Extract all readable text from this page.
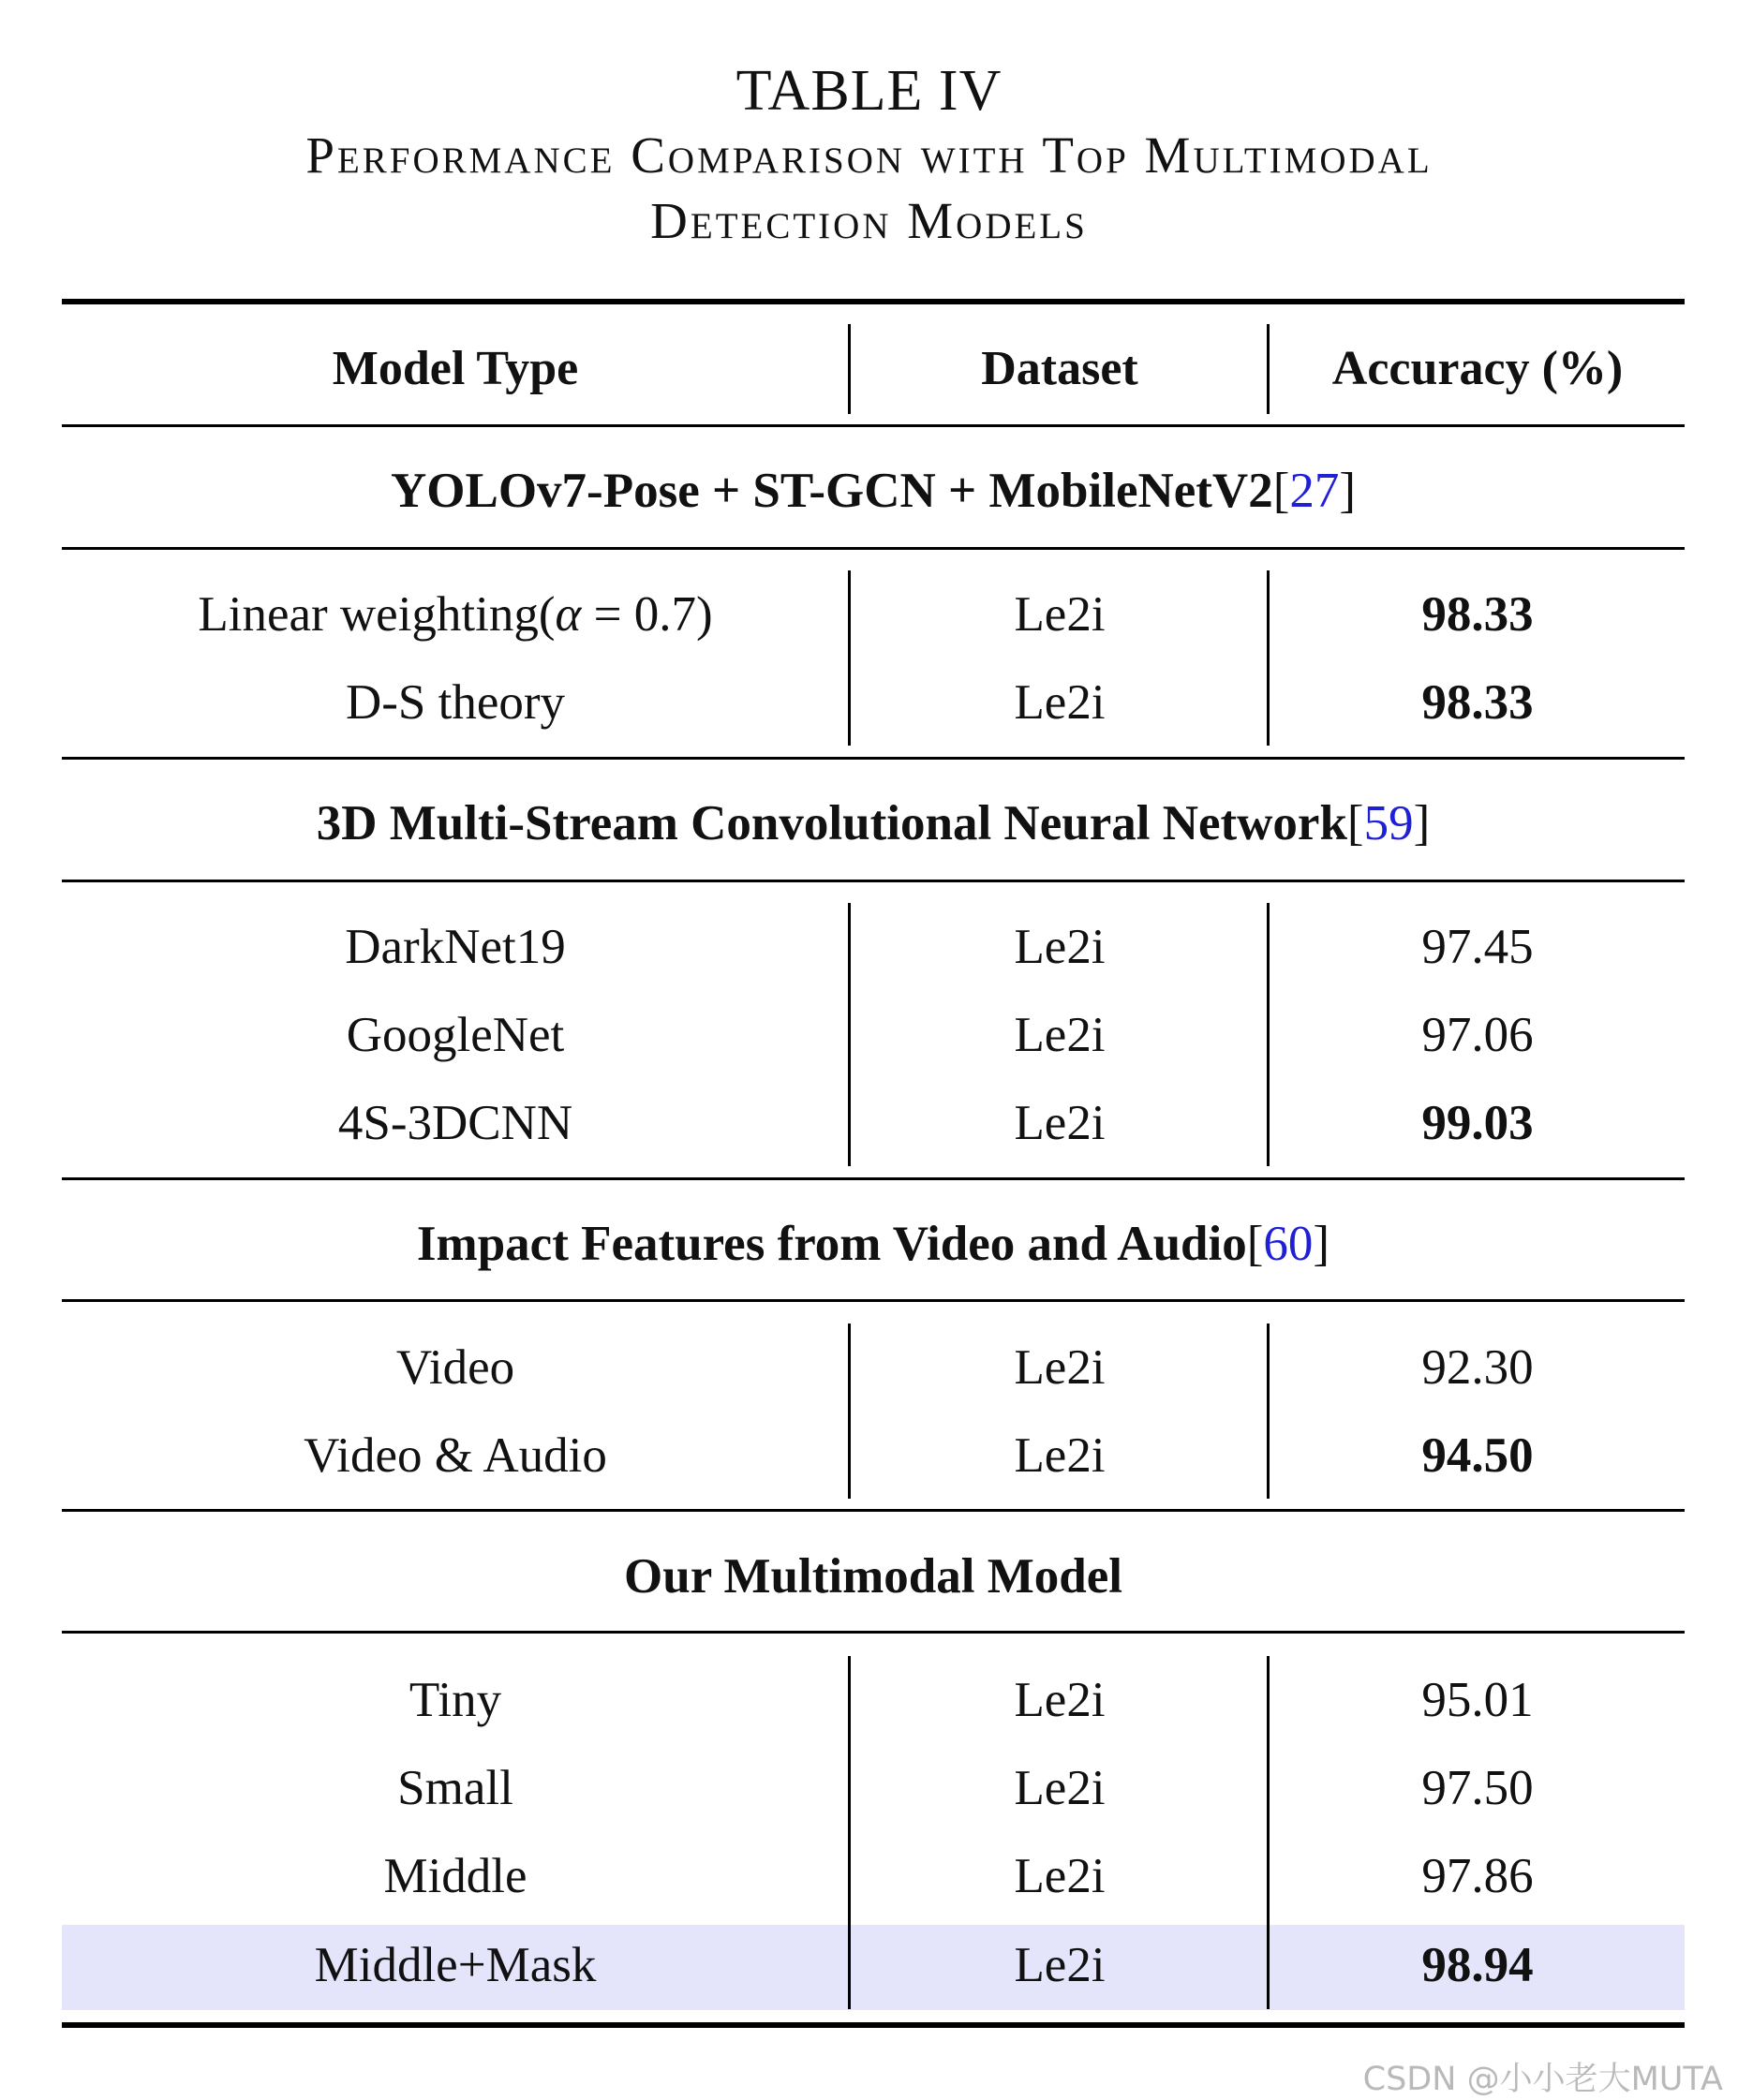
TABLE IV
Performance Comparison with Top Multimodal
Detection Models
Model Type	Dataset	Accuracy (%)
YOLOv7-Pose + ST-GCN + MobileNetV2[27]
Linear weighting(α = 0.7)	Le2i	98.33
D-S theory	Le2i	98.33
3D Multi-Stream Convolutional Neural Network[59]
DarkNet19	Le2i	97.45
GoogleNet	Le2i	97.06
4S-3DCNN	Le2i	99.03
Impact Features from Video and Audio[60]
Video	Le2i	92.30
Video & Audio	Le2i	94.50
Our Multimodal Model
Tiny	Le2i	95.01
Small	Le2i	97.50
Middle	Le2i	97.86
Middle+Mask	Le2i	98.94
CSDN @小小老大MUTA
